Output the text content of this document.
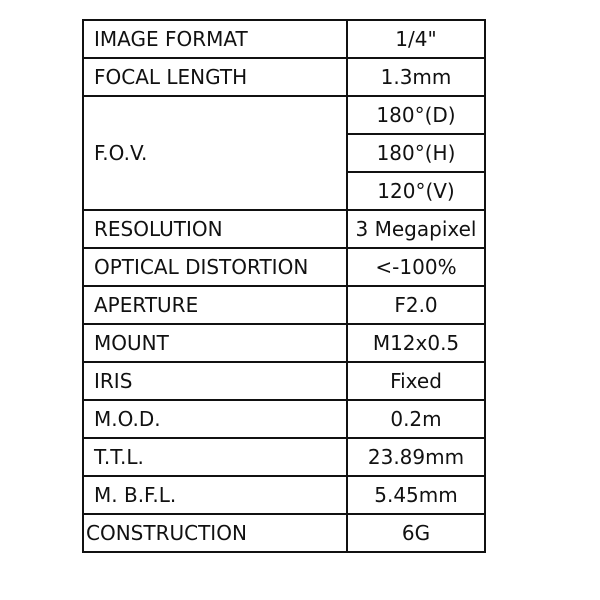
IMAGE FORMAT	1/4"
FOCAL LENGTH	1.3mm
F.O.V.	180°(D)
	180°(H)
	120°(V)
RESOLUTION	3 Megapixel
OPTICAL DISTORTION	<-100%
APERTURE	F2.0
MOUNT	M12x0.5
IRIS	Fixed
M.O.D.	0.2m
T.T.L.	23.89mm
M. B.F.L.	5.45mm
CONSTRUCTION	6G
